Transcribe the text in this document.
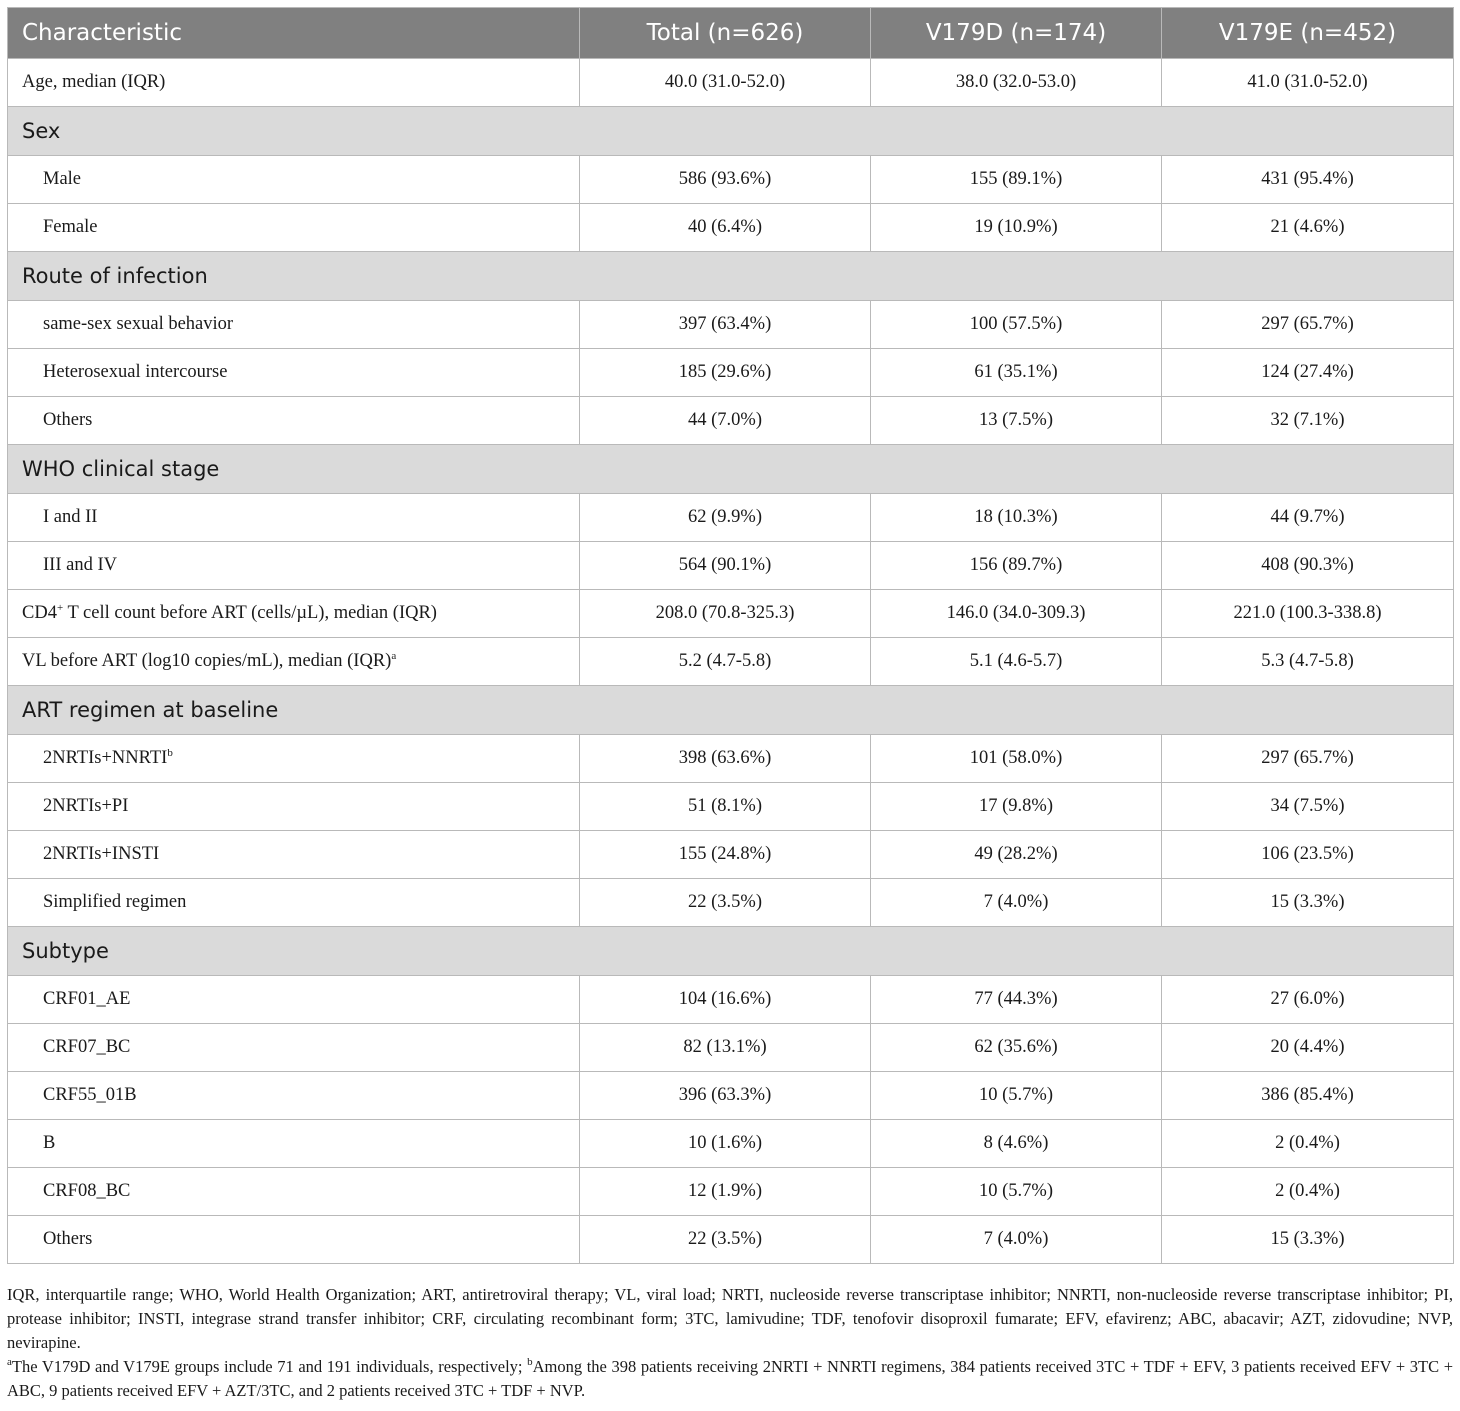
Characteristic	Total (n=626)	V179D (n=174)	V179E (n=452)
Age, median (IQR)	40.0 (31.0-52.0)	38.0 (32.0-53.0)	41.0 (31.0-52.0)
Sex			
Male	586 (93.6%)	155 (89.1%)	431 (95.4%)
Female	40 (6.4%)	19 (10.9%)	21 (4.6%)
Route of infection			
same-sex sexual behavior	397 (63.4%)	100 (57.5%)	297 (65.7%)
Heterosexual intercourse	185 (29.6%)	61 (35.1%)	124 (27.4%)
Others	44 (7.0%)	13 (7.5%)	32 (7.1%)
WHO clinical stage			
I and II	62 (9.9%)	18 (10.3%)	44 (9.7%)
III and IV	564 (90.1%)	156 (89.7%)	408 (90.3%)
CD4+ T cell count before ART (cells/µL), median (IQR)	208.0 (70.8-325.3)	146.0 (34.0-309.3)	221.0 (100.3-338.8)
VL before ART (log10 copies/mL), median (IQR)$^a$	5.2 (4.7-5.8)	5.1 (4.6-5.7)	5.3 (4.7-5.8)
ART regimen at baseline			
$2NRTIs+NNRTI^b$	398 (63.6%)	101 (58.0%)	297 (65.7%)
2NRTIs+PI	51 (8.1%)	17 (9.8%)	34 (7.5%)
2NRTIs+INSTI	155 (24.8%)	49 (28.2%)	106 (23.5%)
Simplified regimen	22 (3.5%)	7 (4.0%)	15 (3.3%)
Subtype			
CRF01_AE	104 (16.6%)	77 (44.3%)	27 (6.0%)
CRF07_BC	82 (13.1%)	62 (35.6%)	20 (4.4%)
CRF55_01B	396 (63.3%)	10 (5.7%)	386 (85.4%)
B	10 (1.6%)	8 (4.6%)	2 (0.4%)
CRF08_BC	12 (1.9%)	10 (5.7%)	2 (0.4%)
Others	22 (3.5%)	7 (4.0%)	15 (3.3%)

IQR, interquartile range; WHO, World Health Organization; ART, antiretroviral therapy; VL, viral load; NRTI, nucleoside reverse transcriptase inhibitor; NNRTI, non-nucleoside reverse transcriptase inhibitor; PI, protease inhibitor; INSTI, integrase strand transfer inhibitor; CRF, circulating recombinant form; 3TC, lamivudine; TDF, tenofovir disoproxil fumarate; EFV, efavirenz; ABC, abacavir; AZT, zidovudine; NVP, nevirapine.

$^a$The V179D and V179E groups include 71 and 191 individuals, respectively; $^b$Among the 398 patients receiving 2NRTI + NNRTI regimens, 384 patients received 3TC + TDF + EFV, 3 patients received EFV + 3TC + ABC, 9 patients received EFV + AZT/3TC, and 2 patients received 3TC + TDF + NVP.
